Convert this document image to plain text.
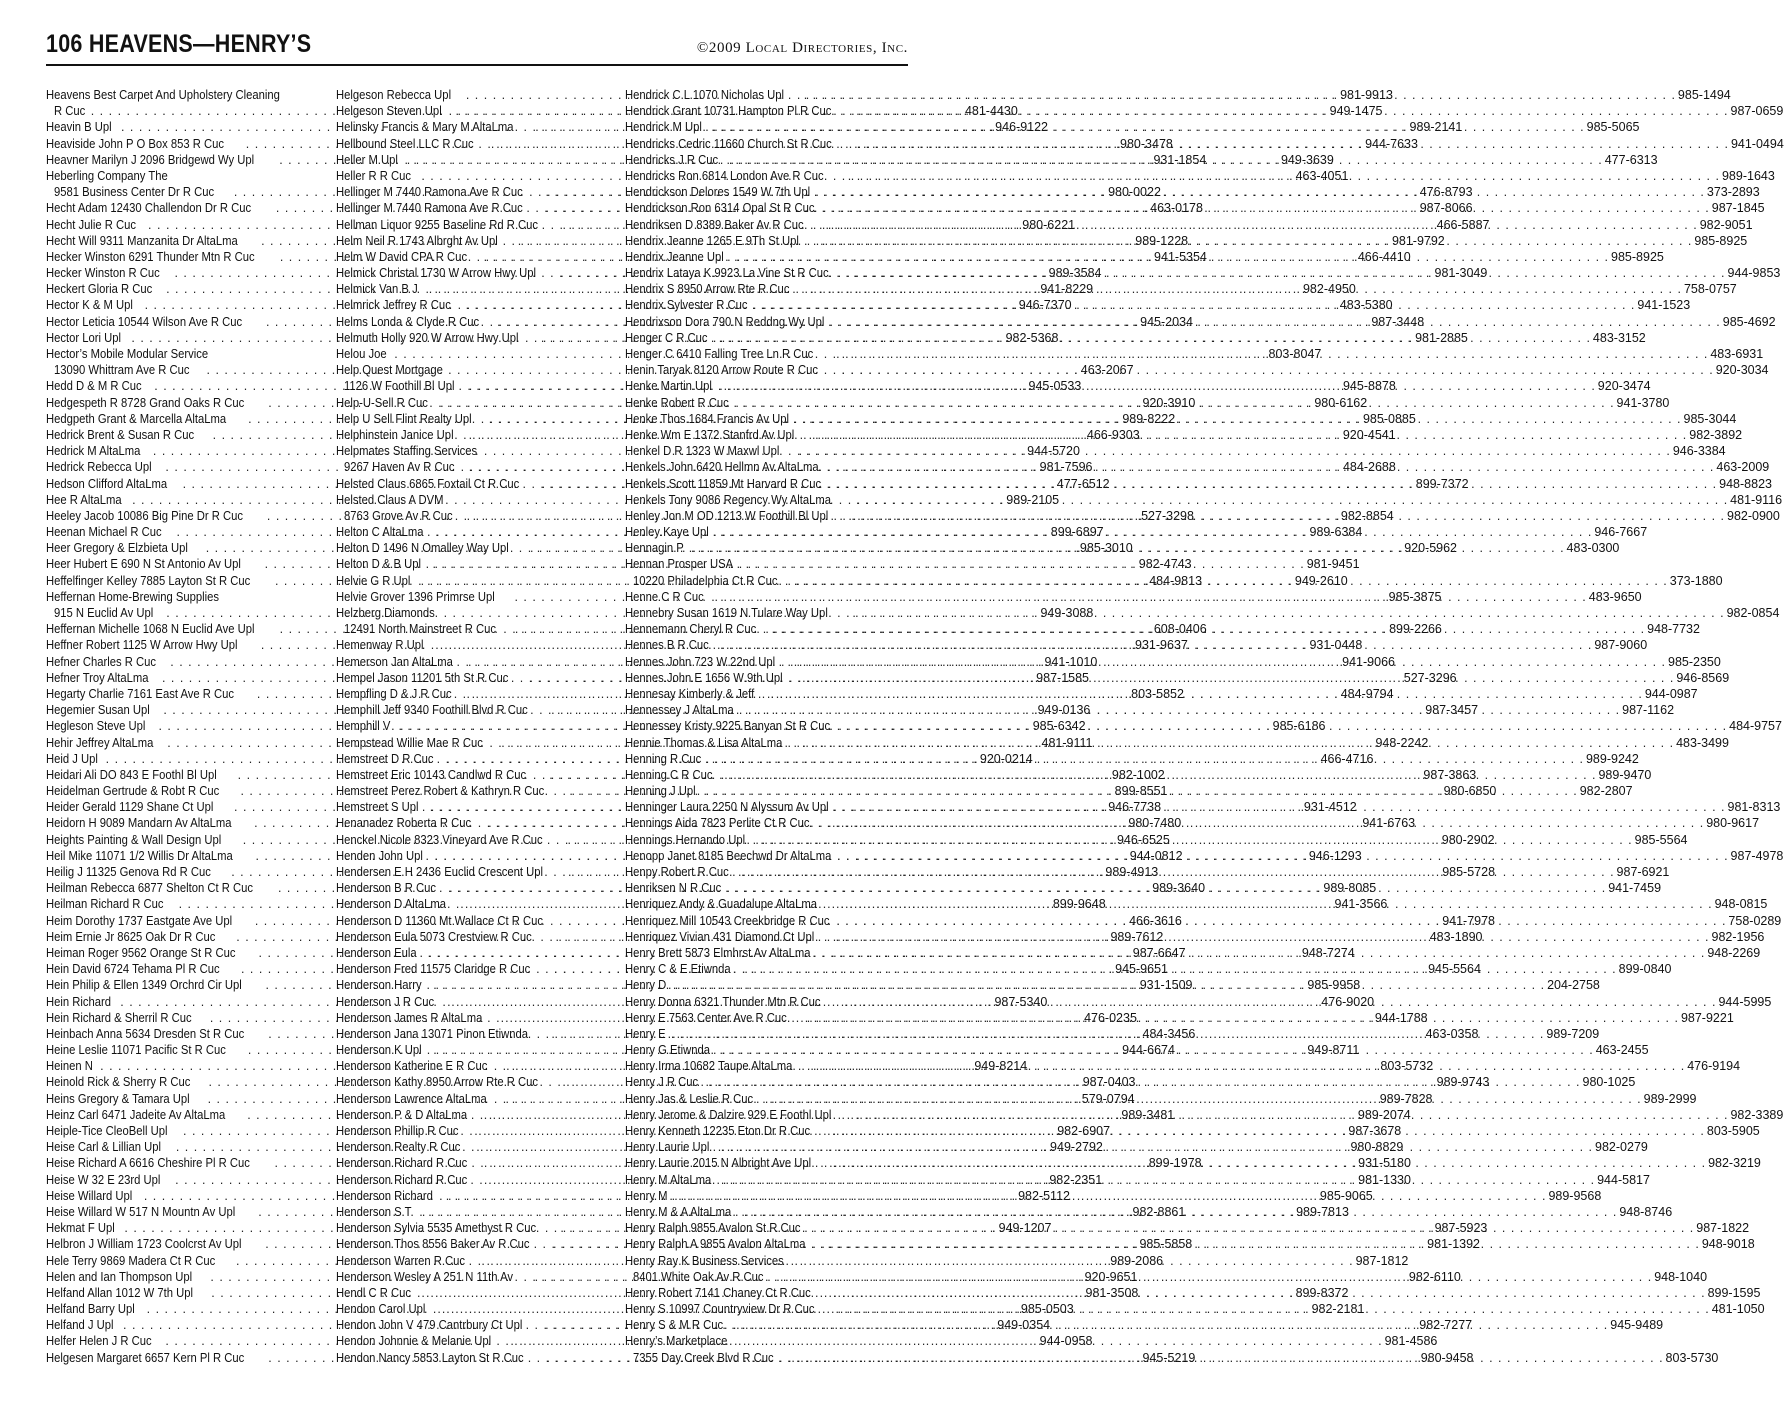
106 HEAVENS—HENRY’S	©2009 Local Directories, Inc.
Heavens Best Carpet And Upholstery Cleaning
R Cuc . . .	481-4430
Heavin B Upl . . .	946-9122
Heaviside John P O Box 853 R Cuc . . .	980-3478
Heavner Marilyn J 2096 Bridgewd Wy Upl . . .	931-1854
Heberling Company The
9581 Business Center Dr R Cuc . . .	980-0022
Hecht Adam 12430 Challendon Dr R Cuc . . .	463-0178
Hecht Julie R Cuc . . .	980-6221
Hecht Will 9311 Manzanita Dr AltaLma . . .	989-1228
Hecker Winston 6291 Thunder Mtn R Cuc . . .	941-5354
Hecker Winston R Cuc . . .	989-3584
Heckert Gloria R Cuc . . .	941-8229
Hector K & M Upl . . .	946-7370
Hector Leticia 10544 Wilson Ave R Cuc . . .	945-2034
Hector Lori Upl . . .	982-5368
Hector’s Mobile Modular Service
13090 Whittram Ave R Cuc . . .	463-2067
Hedd D & M R Cuc . . .	945-0533
Hedgespeth R 8728 Grand Oaks R Cuc . . .	920-3910
Hedgpeth Grant & Marcella AltaLma . . .	989-8222
Hedrick Brent & Susan R Cuc . . .	466-9303
Hedrick M AltaLma . . .	944-5720
Hedrick Rebecca Upl . . .	981-7596
Hedson Clifford AltaLma . . .	477-6512
Hee R AltaLma . . .	989-2105
Heeley Jacob 10086 Big Pine Dr R Cuc . . .	527-3298
Heenan Michael R Cuc . . .	899-6897
Heer Gregory & Elzbieta Upl . . .	985-3010
Heer Hubert E 690 N St Antonio Av Upl . . .	982-4743
Heffelfinger Kelley 7885 Layton St R Cuc . . .	484-9813
Heffernan Home-Brewing Supplies
915 N Euclid Av Upl . . .	949-3088
Heffernan Michelle 1068 N Euclid Ave Upl . . .	608-0406
Heffner Robert 1125 W Arrow Hwy Upl . . .	931-9637
Hefner Charles R Cuc . . .	941-1010
Hefner Troy AltaLma . . .	987-1585
Hegarty Charlie 7161 East Ave R Cuc . . .	803-5852
Hegemier Susan Upl . . .	949-0136
Hegleson Steve Upl . . .	985-6342
Hehir Jeffrey AltaLma . . .	481-9111
Heid J Upl . . .	920-0214
Heidari Ali DO 843 E Foothl Bl Upl . . .	982-1002
Heidelman Gertrude & Robt R Cuc . . .	899-8551
Heider Gerald 1129 Shane Ct Upl . . .	946-7738
Heidorn H 9089 Mandarn Av AltaLma . . .	980-7480
Heights Painting & Wall Design Upl . . .	946-6525
Heil Mike 11071 1/2 Willis Dr AltaLma . . .	944-0812
Heilig J 11325 Genova Rd R Cuc . . .	989-4913
Heilman Rebecca 6877 Shelton Ct R Cuc . . .	989-3640
Heilman Richard R Cuc . . .	899-9648
Heim Dorothy 1737 Eastgate Ave Upl . . .	466-3616
Heim Ernie Jr 8625 Oak Dr R Cuc . . .	989-7612
Heiman Roger 9562 Orange St R Cuc . . .	987-6647
Hein David 6724 Tehama Pl R Cuc . . .	945-9651
Hein Philip & Ellen 1349 Orchrd Cir Upl . . .	931-1509
Hein Richard . . .	987-5340
Hein Richard & Sherril R Cuc . . .	476-0235
Heinbach Anna 5634 Dresden St R Cuc . . .	484-3456
Heine Leslie 11071 Pacific St R Cuc . . .	944-6674
Heinen N . . .	949-8214
Heinold Rick & Sherry R Cuc . . .	987-0403
Heins Gregory & Tamara Upl . . .	579-0794
Heinz Carl 6471 Jadeite Av AltaLma . . .	989-3481
Heiple-Tice CleoBell Upl . . .	982-6907
Heise Carl & Lillian Upl . . .	949-2792
Heise Richard A 6616 Cheshire Pl R Cuc . . .	899-1978
Heise W 32 E 23rd Upl . . .	982-2351
Heise Willard Upl . . .	982-5112
Heise Willard W 517 N Mountn Av Upl . . .	982-8861
Hekmat F Upl . . .	949-1207
Helbron J William 1723 Coolcrst Av Upl . . .	985-5858
Hele Terry 9869 Madera Ct R Cuc . . .	989-2086
Helen and Ian Thompson Upl . . .	920-9651
Helfand Allan 1012 W 7th Upl . . .	981-3508
Helfand Barry Upl . . .	985-0503
Helfand J Upl . . .	949-0354
Helfer Helen J R Cuc . . .	944-0958
Helgesen Margaret 6657 Kern Pl R Cuc . . .	945-5219
Helgeson Rebecca Upl . . .	981-9913
Helgeson Steven Upl . . .	949-1475
Helinsky Francis & Mary M AltaLma . . .	989-2141
Hellbound Steel LLC R Cuc . . .	944-7633
Heller M Upl . . .	949-3639
Heller R R Cuc . . .	463-4051
Hellinger M 7440 Ramona Ave R Cuc . . .	476-8793
Hellinger M 7440 Ramona Ave R Cuc . . .	987-8066
Hellman Liquor 9255 Baseline Rd R Cuc . . .	466-5887
Helm Neil R 1743 Albrght Av Upl . . .	981-9792
Helm W David CPA R Cuc . . .	466-4410
Helmick Christal 1730 W Arrow Hwy Upl . . .	981-3049
Helmick Van B J . . .	982-4950
Helmrick Jeffrey R Cuc . . .	483-5380
Helms Londa & Clyde R Cuc . . .	987-3448
Helmuth Holly 920 W Arrow Hwy Upl . . .	981-2885
Helou Joe . . .	803-8047
Help Quest Mortgage
1126 W Foothill Bl Upl . . .	945-8878
Help-U-Sell R Cuc . . .	980-6162
Help U Sell Flint Realty Upl . . .	985-0885
Helphinstein Janice Upl . . .	920-4541
Helpmates Staffing Services
9267 Haven Av R Cuc . . .	484-2688
Helsted Claus 6865 Foxtail Ct R Cuc . . .	899-7372
Helsted Claus A DVM
8763 Grove Av R Cuc . . .	982-8854
Helton C AltaLma . . .	989-6384
Helton D 1496 N Omalley Way Upl . . .	920-5962
Helton D & B Upl . . .	981-9451
Helvie G R Upl . . .	949-2610
Helvie Grover 1396 Primrse Upl . . .	985-3875
Helzberg Diamonds
12491 North Mainstreet R Cuc . . .	899-2266
Hemenway R Upl . . .	931-0448
Hemerson Jan AltaLma . . .	941-9066
Hempel Jason 11201 5th St R Cuc . . .	527-3296
Hempfling D & J R Cuc . . .	484-9794
Hemphill Jeff 9340 Foothill Blvd R Cuc . . .	987-3457
Hemphill V . . .	985-6186
Hempstead Willie Mae R Cuc . . .	948-2242
Hemstreet D R Cuc . . .	466-4716
Hemstreet Eric 10143 Candlwd R Cuc . . .	987-3863
Hemstreet Perez Robert & Kathryn R Cuc . . .	980-6850
Hemstreet S Upl . . .	931-4512
Henanadez Roberta R Cuc . . .	941-6763
Henckel Nicole 8323 Vineyard Ave R Cuc . . .	980-2902
Henden John Upl . . .	946-1293
Hendersen E H 2436 Euclid Crescent Upl . . .	985-5728
Henderson B R Cuc . . .	989-8085
Henderson D AltaLma . . .	941-3566
Henderson D 11360 Mt Wallace Ct R Cuc . . .	941-7978
Henderson Eula 5073 Crestview R Cuc . . .	483-1890
Henderson Eula . . .	948-7274
Henderson Fred 11575 Claridge R Cuc . . .	945-5564
Henderson Harry . . .	985-9958
Henderson J R Cuc . . .	476-9020
Henderson James R AltaLma . . .	944-1788
Henderson Jana 13071 Pinon Etiwnda . . .	463-0358
Henderson K Upl . . .	949-8711
Henderson Katherine E R Cuc . . .	803-5732
Henderson Kathy 8950 Arrow Rte R Cuc . . .	989-9743
Henderson Lawrence AltaLma . . .	989-7828
Henderson P & D AltaLma . . .	989-2074
Henderson Phillip R Cuc . . .	987-3678
Henderson Realty R Cuc . . .	980-8829
Henderson Richard R Cuc . . .	931-5180
Henderson Richard R Cuc . . .	981-1330
Henderson Richard . . .	985-9065
Henderson S T . . .	989-7813
Henderson Sylvia 5535 Amethyst R Cuc . . .	987-5923
Henderson Thos 8556 Baker Av R Cuc . . .	981-1392
Henderson Warren R Cuc . . .	987-1812
Henderson Wesley A 251 N 11th Av . . .	982-6110
Hendl C R Cuc . . .	899-8372
Hendon Carol Upl . . .	982-2181
Hendon John V 479 Cantrbury Ct Upl . . .	982-7277
Hendon Johnnie & Melanie Upl . . .	981-4586
Hendon Nancy 5853 Layton St R Cuc . . .	980-9458
Hendrick C L 1070 Nicholas Upl . . .	985-1494
Hendrick Grant 10731 Hampton Pl R Cuc . . .	987-0659
Hendrick M Upl . . .	985-5065
Hendricks Cedric 11660 Church St R Cuc . . .	941-0494
Hendricks J R Cuc . . .	477-6313
Hendricks Ron 6814 London Ave R Cuc . . .	989-1643
Hendrickson Delores 1549 W 7th Upl . . .	373-2893
Hendrickson Ron 6314 Opal St R Cuc . . .	987-1845
Hendriksen D 8389 Baker Av R Cuc . . .	982-9051
Hendrix Jeanne 1265 E 9Th St Upl . . .	985-8925
Hendrix Jeanne Upl . . .	985-8925
Hendrix Lataya K 9923 La Vine St R Cuc . . .	944-9853
Hendrix S 8950 Arrow Rte R Cuc . . .	758-0757
Hendrix Sylvester R Cuc . . .	941-1523
Hendrixson Dora 790 N Reddng Wy Upl . . .	985-4692
Henger C R Cuc . . .	483-3152
Henger C 6410 Falling Tree Ln R Cuc . . .	483-6931
Henin Taryak 8120 Arrow Route R Cuc . . .	920-3034
Henke Martin Upl . . .	920-3474
Henke Robert R Cuc . . .	941-3780
Henke Thos 1684 Francis Av Upl . . .	985-3044
Henke Wm E 1372 Stanfrd Av Upl . . .	982-3892
Henkel D R 1323 W Maxwl Upl . . .	946-3384
Henkels John 6420 Hellmn Av AltaLma . . .	463-2009
Henkels Scott 11859 Mt Harvard R Cuc . . .	948-8823
Henkels Tony 9086 Regency Wy AltaLma . . .	481-9116
Henley Jon M OD 1213 W Foothill Bl Upl . . .	982-0900
Henley Kaye Upl . . .	946-7667
Hennagin P . . .	483-0300
Hennan Prosper USA
10220 Philadelphia Ct R Cuc . . .	373-1880
Henne C R Cuc . . .	483-9650
Hennebry Susan 1619 N Tulare Way Upl . . .	982-0854
Hennemann Cheryl R Cuc . . .	948-7732
Hennes B R Cuc . . .	987-9060
Hennes John 723 W 22nd Upl . . .	985-2350
Hennes John E 1656 W 9th Upl . . .	946-8569
Hennesay Kimberly & Jeff . . .	944-0987
Hennessey J AltaLma . . .	987-1162
Hennessey Kristy 9225 Banyan St R Cuc . . .	484-9757
Hennie Thomas & Lisa AltaLma . . .	483-3499
Henning R Cuc . . .	989-9242
Henning C R Cuc . . .	989-9470
Henning J Upl . . .	982-2807
Henninger Laura 2250 N Alyssum Av Upl . . .	981-8313
Hennings Aida 7823 Perlite Ct R Cuc . . .	980-9617
Hennings Hernando Upl . . .	985-5564
Henopp Janet 8185 Beechwd Dr AltaLma . . .	987-4978
Henpy Robert R Cuc . . .	987-6921
Henriksen N R Cuc . . .	941-7459
Henriquez Andy & Guadalupe AltaLma . . .	948-0815
Henriquez Mill 10543 Creekbridge R Cuc . . .	758-0289
Henriquez Vivian 431 Diamond Ct Upl . . .	982-1956
Henry Brett 5873 Elmhrst Av AltaLma . . .	948-2269
Henry C & E Etiwnda . . .	899-0840
Henry D . . .	204-2758
Henry Donna 6321 Thunder Mtn R Cuc . . .	944-5995
Henry E 7563 Center Ave R Cuc . . .	987-9221
Henry E . . .	989-7209
Henry G Etiwnda . . .	463-2455
Henry Irma 10682 Taupe AltaLma . . .	476-9194
Henry J R Cuc . . .	980-1025
Henry Jas & Leslie R Cuc . . .	989-2999
Henry Jerome & Dalzire 929 E Foothl Upl . . .	982-3389
Henry Kenneth 12235 Eton Dr R Cuc . . .	803-5905
Henry Laurie Upl . . .	982-0279
Henry Laurie 2015 N Albright Ave Upl . . .	982-3219
Henry M AltaLma . . .	944-5817
Henry M . . .	989-9568
Henry M & A AltaLma . . .	948-8746
Henry Ralph 9855 Avalon St R Cuc . . .	987-1822
Henry Ralph A 9855 Avalon AltaLma . . .	948-9018
Henry Ray K Business Services
8401 White Oak Av R Cuc . . .	948-1040
Henry Robert 7141 Chaney Ct R Cuc . . .	899-1595
Henry S 10997 Countryview Dr R Cuc . . .	481-1050
Henry S & M R Cuc . . .	945-9489
Henry’s Marketplace
7355 Day Creek Blvd R Cuc . . .	803-5730
